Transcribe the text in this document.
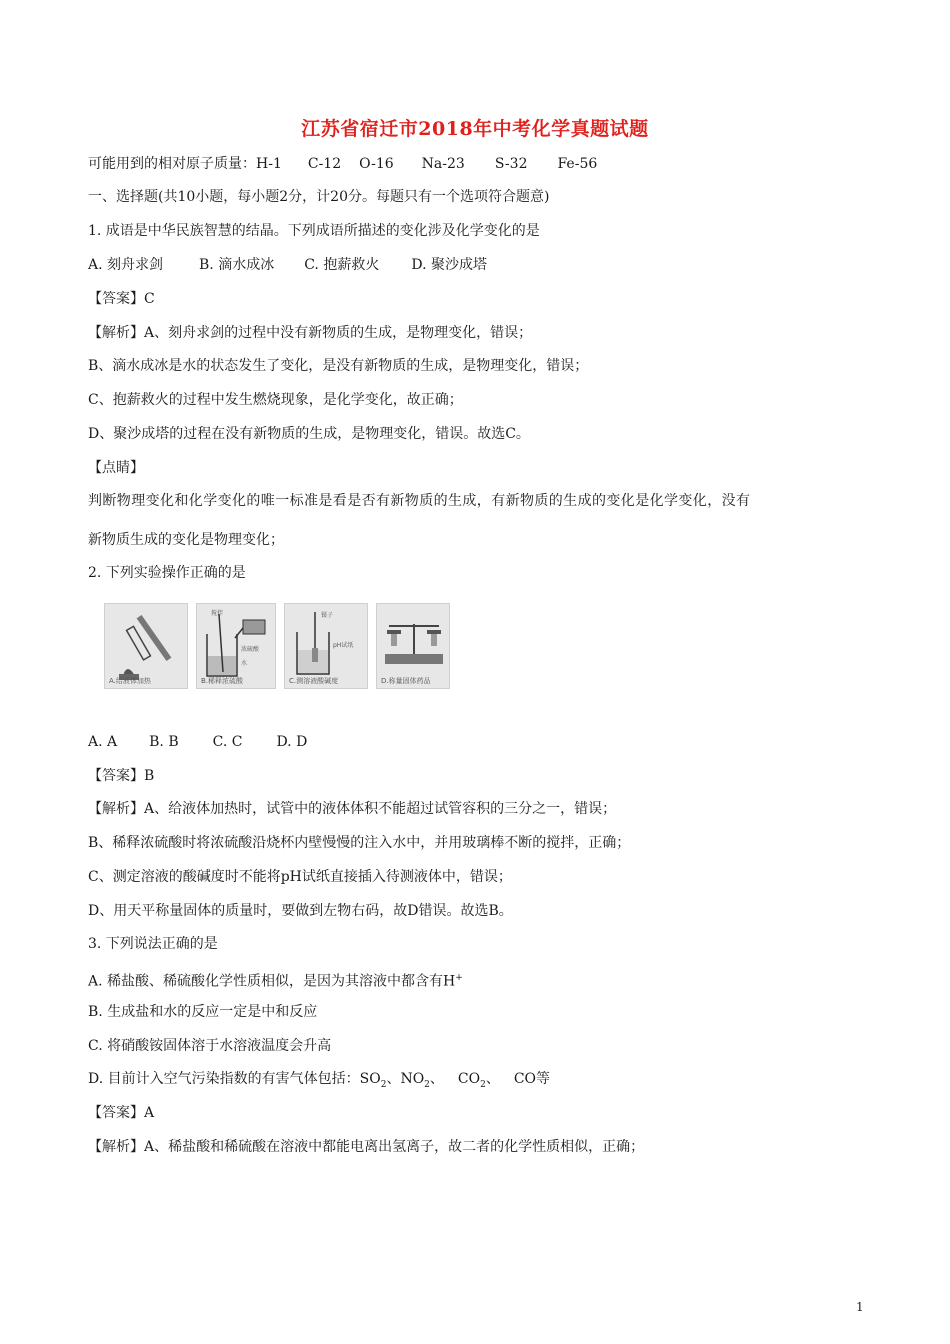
江苏省宿迁市2018年中考化学真题试题
可能用到的相对原子质量：H-1 C-12 O-16 Na-23 S-32 Fe-56
一、选择题(共10小题，每小题2分，计20分。每题只有一个选项符合题意)
1. 成语是中华民族智慧的结晶。下列成语所描述的变化涉及化学变化的是
A. 刻舟求剑	B. 滴水成冰 C. 抱薪救火 D. 聚沙成塔
【答案】C
【解析】A、刻舟求剑的过程中没有新物质的生成，是物理变化，错误；
B、滴水成冰是水的状态发生了变化，是没有新物质的生成，是物理变化，错误；
C、抱薪救火的过程中发生燃烧现象，是化学变化，故正确；
D、聚沙成塔的过程在没有新物质的生成，是物理变化，错误。故选C。
【点睛】
判断物理变化和化学变化的唯一标准是看是否有新物质的生成，有新物质的生成的变化是化学变化，没有
新物质生成的变化是物理变化；
2. 下列实验操作正确的是
A.给液体加热
搅拌
浓硫酸
水
B.稀释浓硫酸
镊子
pH试纸
C.测溶液酸碱度	D.称量固体药品
A. A B. B C. C D. D
【答案】B
【解析】A、给液体加热时，试管中的液体体积不能超过试管容积的三分之一，错误；
B、稀释浓硫酸时将浓硫酸沿烧杯内壁慢慢的注入水中，并用玻璃棒不断的搅拌，正确；
C、测定溶液的酸碱度时不能将pH试纸直接插入待测液体中，错误；
D、用天平称量固体的质量时，要做到左物右码，故D错误。故选B。
3. 下列说法正确的是
A. 稀盐酸、稀硫酸化学性质相似，是因为其溶液中都含有H+
B. 生成盐和水的反应一定是中和反应
C. 将硝酸铵固体溶于水溶液温度会升高
D. 目前计入空气污染指数的有害气体包括：$SO_2$、$NO_2$、 $CO_2$、 CO等
【答案】A
【解析】A、稀盐酸和稀硫酸在溶液中都能电离出氢离子，故二者的化学性质相似，正确；
1
